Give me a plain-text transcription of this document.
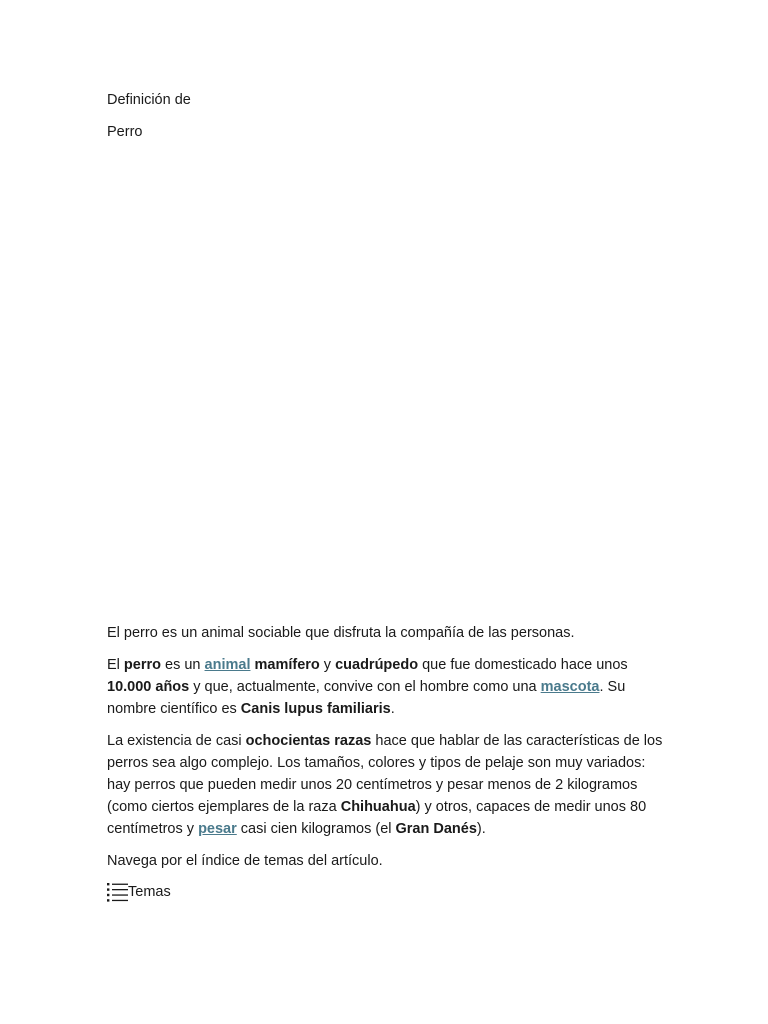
Definición de

Perro

El perro es un animal sociable que disfruta la compañía de las personas.

El perro es un animal mamífero y cuadrúpedo que fue domesticado hace unos 10.000 años y que, actualmente, convive con el hombre como una mascota. Su nombre científico es Canis lupus familiaris.

La existencia de casi ochocientas razas hace que hablar de las características de los perros sea algo complejo. Los tamaños, colores y tipos de pelaje son muy variados: hay perros que pueden medir unos 20 centímetros y pesar menos de 2 kilogramos (como ciertos ejemplares de la raza Chihuahua) y otros, capaces de medir unos 80 centímetros y pesar casi cien kilogramos (el Gran Danés).

Navega por el índice de temas del artículo.

Temas
